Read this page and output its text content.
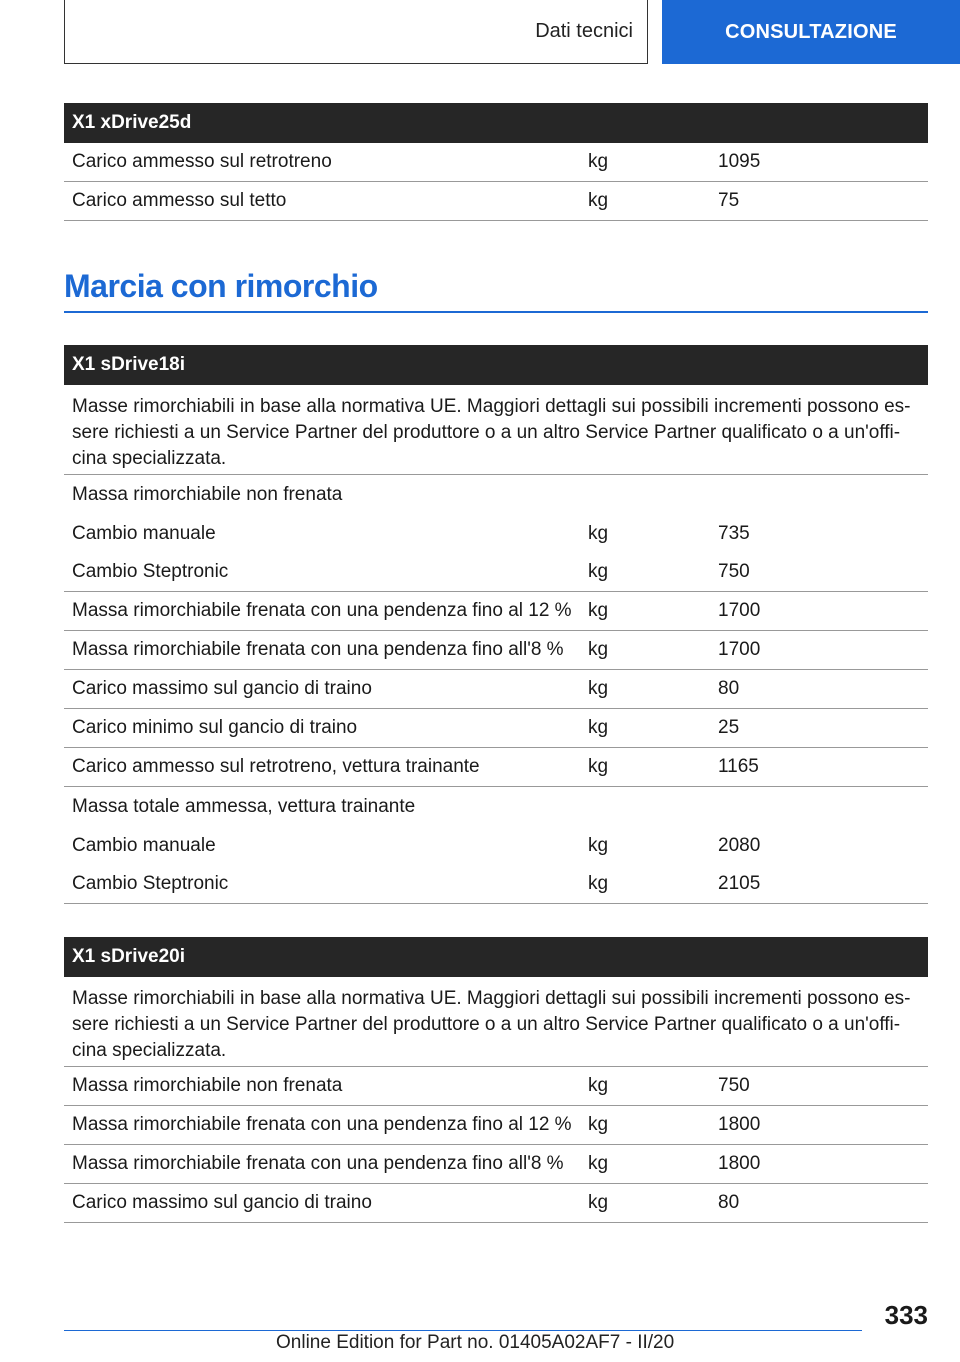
Dati tecnici	CONSULTAZIONE
X1 xDrive25d
Carico ammesso sul retrotreno	kg	1095
Carico ammesso sul tetto	kg	75
Marcia con rimorchio
X1 sDrive18i
Masse rimorchiabili in base alla normativa UE. Maggiori dettagli sui possibili incrementi possono essere richiesti a un Service Partner del produttore o a un altro Service Partner qualificato o a un'officina specializzata.
Massa rimorchiabile non frenata
Cambio manuale	kg	735
Cambio Steptronic	kg	750
Massa rimorchiabile frenata con una pendenza fino al 12 % kg	1700
Massa rimorchiabile frenata con una pendenza fino all'8 %	kg	1700
Carico massimo sul gancio di traino	kg	80
Carico minimo sul gancio di traino	kg	25
Carico ammesso sul retrotreno, vettura trainante	kg	1165
Massa totale ammessa, vettura trainante
Cambio manuale	kg	2080
Cambio Steptronic	kg	2105
X1 sDrive20i
Masse rimorchiabili in base alla normativa UE. Maggiori dettagli sui possibili incrementi possono essere richiesti a un Service Partner del produttore o a un altro Service Partner qualificato o a un'officina specializzata.
Massa rimorchiabile non frenata	kg	750
Massa rimorchiabile frenata con una pendenza fino al 12 % kg	1800
Massa rimorchiabile frenata con una pendenza fino all'8 %	kg	1800
Carico massimo sul gancio di traino	kg	80
333
Online Edition for Part no. 01405A02AF7 - II/20
